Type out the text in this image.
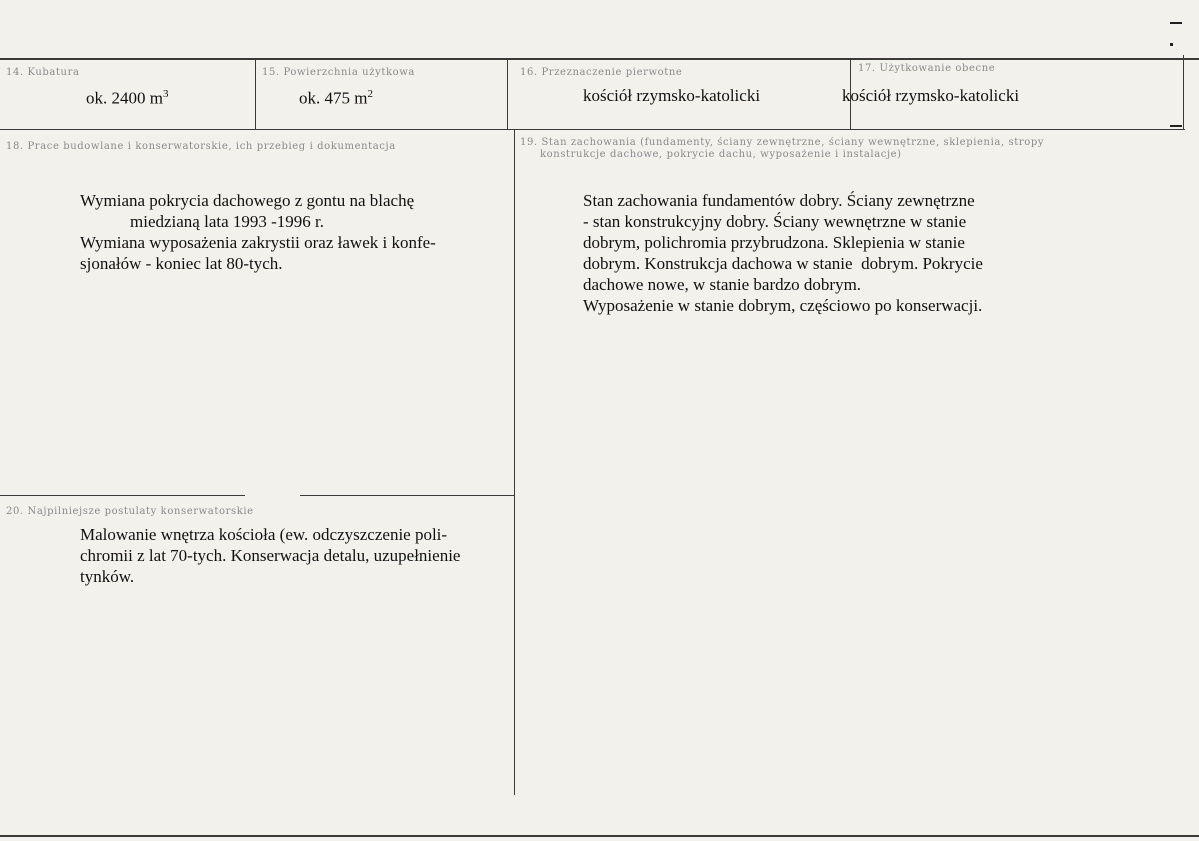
14. Kubatura
ok. 2400 $m^3$
15. Powierzchnia użytkowa
ok. 475 $m^2$
16. Przeznaczenie pierwotne
kościół rzymsko-katolicki
17. Użytkowanie obecne
kościół rzymsko-katolicki
18. Prace budowlane i konserwatorskie, ich przebieg i dokumentacja
Wymiana pokrycia dachowego z gontu na blachę
miedzianą lata 1993 -1996 r.
Wymiana wyposażenia zakrystii oraz ławek i konfe-
sjonałów - koniec lat 80-tych.
19. Stan zachowania (fundamenty, ściany zewnętrzne, ściany wewnętrzne, sklepienia, stropy
konstrukcje dachowe, pokrycie dachu, wyposażenie i instalacje)
Stan zachowania fundamentów dobry. Ściany zewnętrzne
- stan konstrukcyjny dobry. Ściany wewnętrzne w stanie
dobrym, polichromia przybrudzona. Sklepienia w stanie
dobrym. Konstrukcja dachowa w stanie  dobrym. Pokrycie
dachowe nowe, w stanie bardzo dobrym.
Wyposażenie w stanie dobrym, częściowo po konserwacji.
20. Najpilniejsze postulaty konserwatorskie
Malowanie wnętrza kościoła (ew. odczyszczenie poli-
chromii z lat 70-tych. Konserwacja detalu, uzupełnienie
tynków.
